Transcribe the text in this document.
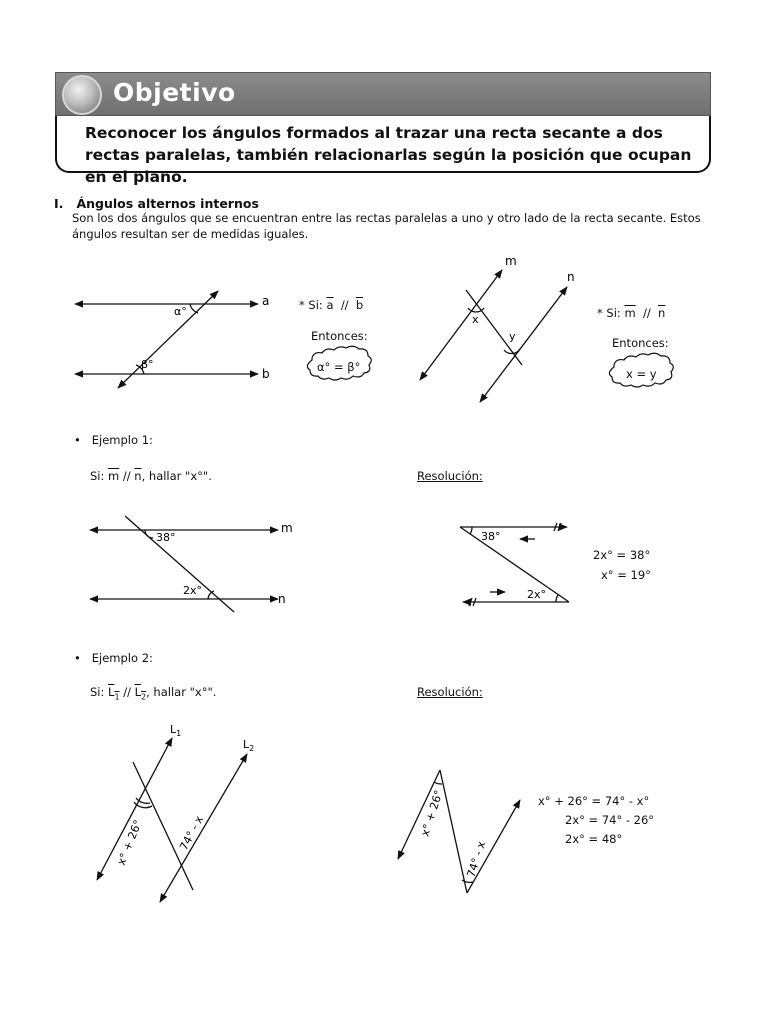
Objetivo
Reconocer los ángulos formados al trazar una recta secante a dos rectas paralelas, también relacionarlas según la posición que ocupan en el plano.
I. Ángulos alternos internos
Son los dos ángulos que se encuentran entre las rectas paralelas a uno y otro lado de la recta secante. Estos ángulos resultan ser de medidas iguales.
a
b
α°
β°
m
n
x
y
m
n
38°
2x°
38°
2x°
$L_1$
$L_2$
x° + 26°	74° - x	x° + 26°
74° - x
* Si: $\overline{a} // \overline{b}$
Entonces:
α° = β°
* Si: $\overline{m} // \overline{n}$
Entonces:
x = y
• Ejemplo 1:
Si: $\overline{m} // \overline{n}$, hallar "x°".	Resolución:
2x° = 38°
x° = 19°
• Ejemplo 2:
Si: $L_1 // L_2$, hallar "x°".	Resolución:
x° + 26° = 74° - x°
2x° = 74° - 26°
2x° = 48°
